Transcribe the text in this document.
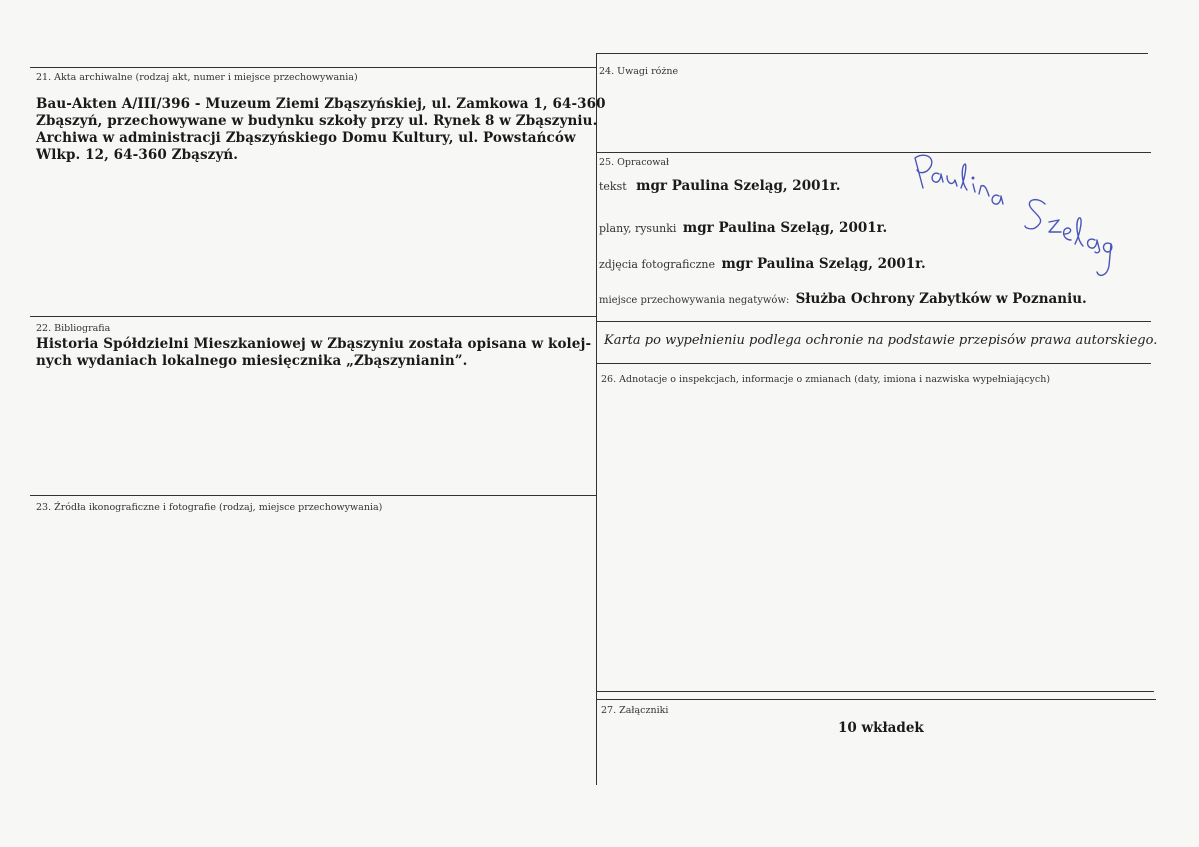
21. Akta archiwalne (rodzaj akt, numer i miejsce przechowywania)
Bau-Akten A/III/396 - Muzeum Ziemi Zbąszyńskiej, ul. Zamkowa 1, 64-360
Zbąszyń, przechowywane w budynku szkoły przy ul. Rynek 8 w Zbąszyniu.
Archiwa w administracji Zbąszyńskiego Domu Kultury, ul. Powstańców
Wlkp. 12, 64-360 Zbąszyń.
22. Bibliografia
Historia Spółdzielni Mieszkaniowej w Zbąszyniu została opisana w kolej-
nych wydaniach lokalnego miesięcznika „Zbąszynianin”.
23. Źródła ikonograficzne i fotografie (rodzaj, miejsce przechowywania)
24. Uwagi różne
25. Opracował
tekst mgr Paulina Szeląg, 2001r.
plany, rysunki mgr Paulina Szeląg, 2001r.
zdjęcia fotograficzne mgr Paulina Szeląg, 2001r.
miejsce przechowywania negatywów: Służba Ochrony Zabytków w Poznaniu.
Karta po wypełnieniu podlega ochronie na podstawie przepisów prawa autorskiego.
26. Adnotacje o inspekcjach, informacje o zmianach (daty, imiona i nazwiska wypełniających)
27. Załączniki
10 wkładek
